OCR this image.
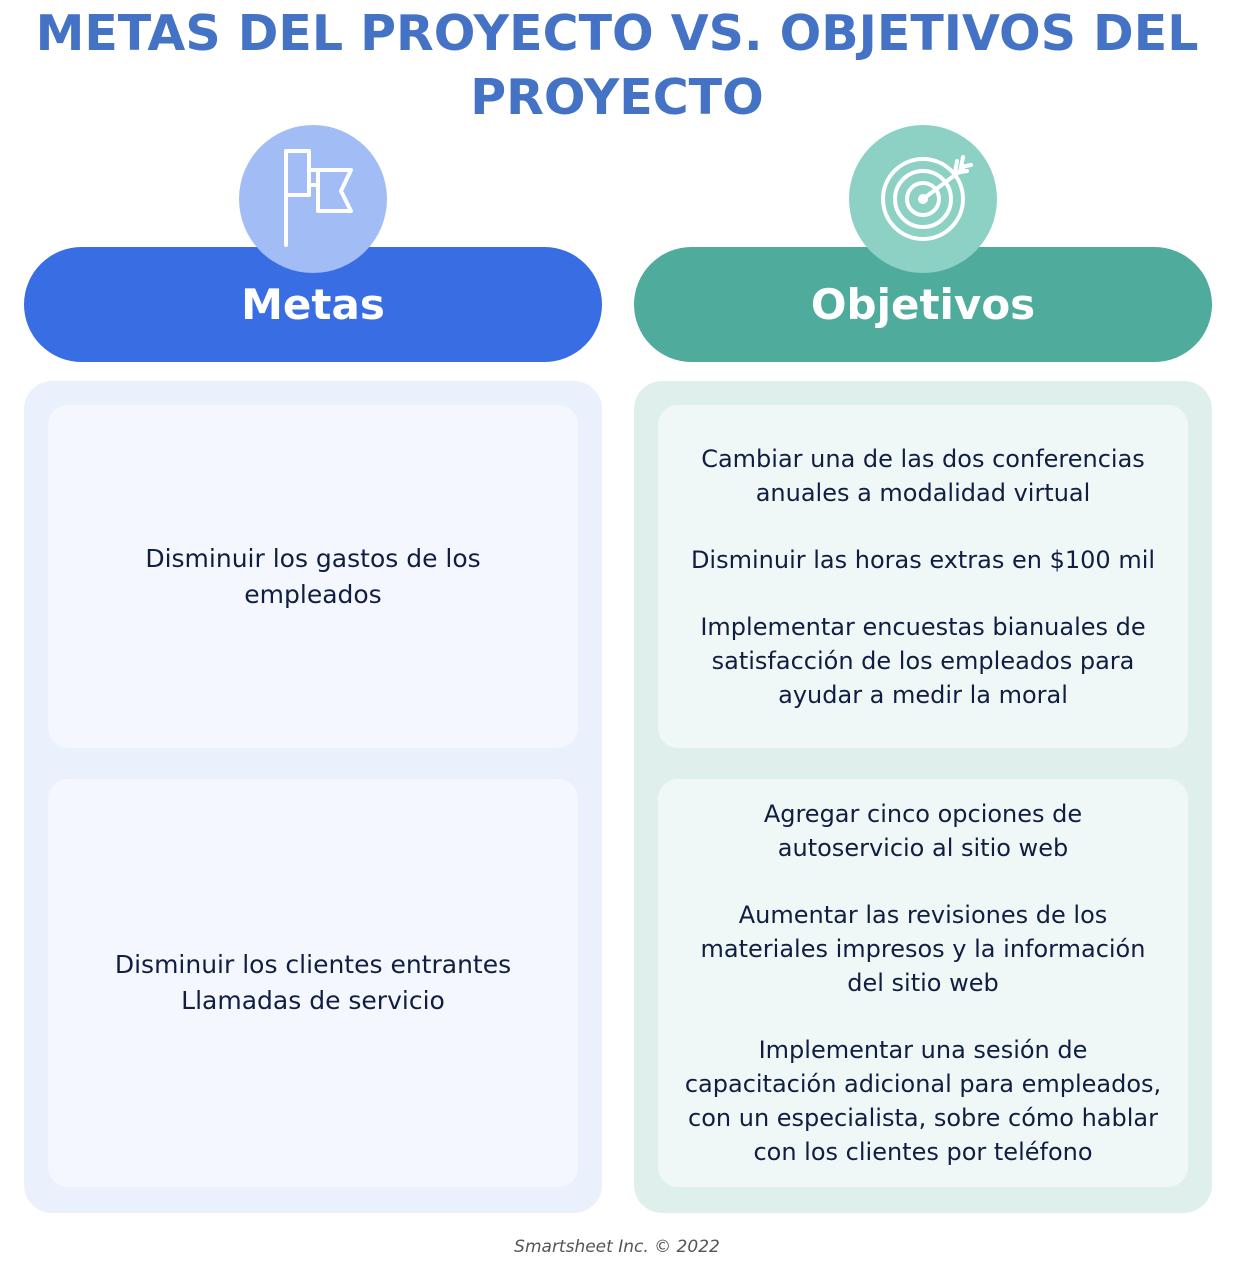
METAS DEL PROYECTO VS. OBJETIVOS DEL
PROYECTO
Metas

Disminuir los gastos de los
empleados

Disminuir los clientes entrantes
Llamadas de servicio

Objetivos

Cambiar una de las dos conferencias
anuales a modalidad virtual

Disminuir las horas extras en $100 mil

Implementar encuestas bianuales de
satisfacción de los empleados para
ayudar a medir la moral

Agregar cinco opciones de
autoservicio al sitio web

Aumentar las revisiones de los
materiales impresos y la información
del sitio web

Implementar una sesión de
capacitación adicional para empleados,
con un especialista, sobre cómo hablar
con los clientes por teléfono

Smartsheet Inc. © 2022
